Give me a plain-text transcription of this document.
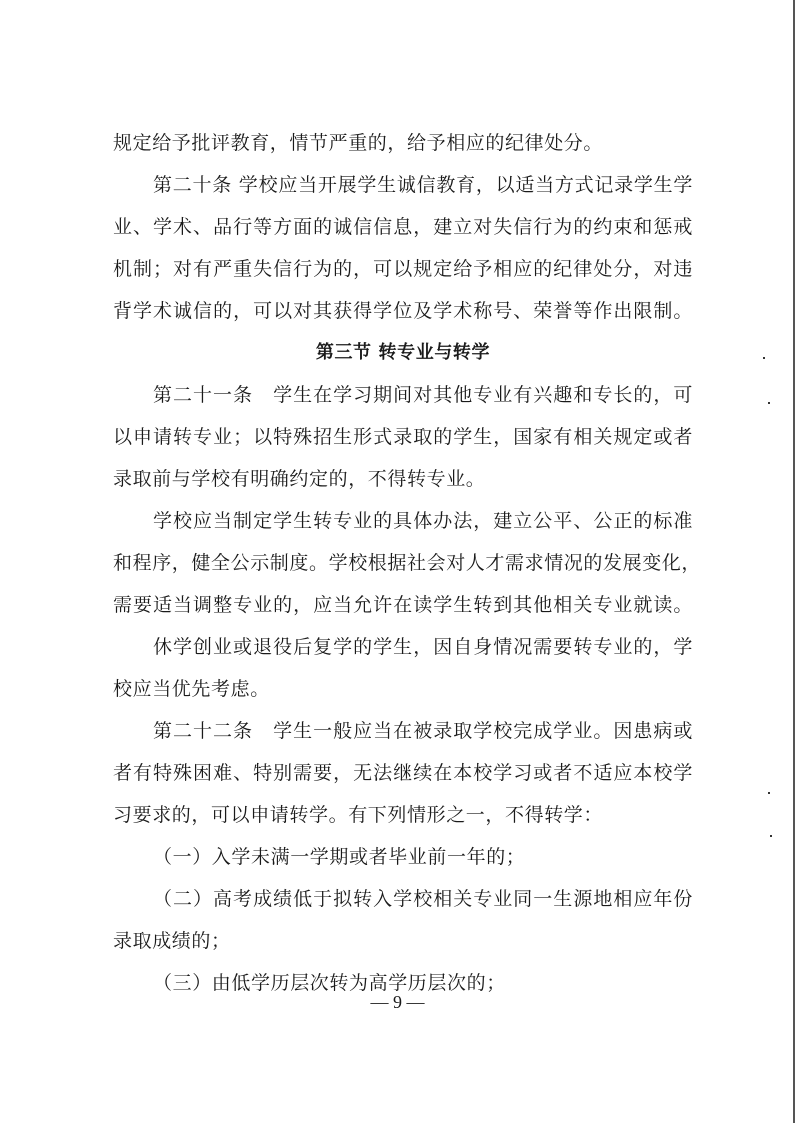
规定给予批评教育，情节严重的，给予相应的纪律处分。
第二十条 学校应当开展学生诚信教育，以适当方式记录学生学
业、学术、品行等方面的诚信信息，建立对失信行为的约束和惩戒
机制；对有严重失信行为的，可以规定给予相应的纪律处分，对违
背学术诚信的，可以对其获得学位及学术称号、荣誉等作出限制。
第三节 转专业与转学
第二十一条　学生在学习期间对其他专业有兴趣和专长的，可
以申请转专业；以特殊招生形式录取的学生，国家有相关规定或者
录取前与学校有明确约定的，不得转专业。
学校应当制定学生转专业的具体办法，建立公平、公正的标准
和程序，健全公示制度。学校根据社会对人才需求情况的发展变化，
需要适当调整专业的，应当允许在读学生转到其他相关专业就读。
休学创业或退役后复学的学生，因自身情况需要转专业的，学
校应当优先考虑。
第二十二条　学生一般应当在被录取学校完成学业。因患病或
者有特殊困难、特别需要，无法继续在本校学习或者不适应本校学
习要求的，可以申请转学。有下列情形之一，不得转学：
（一）入学未满一学期或者毕业前一年的；
（二）高考成绩低于拟转入学校相关专业同一生源地相应年份
录取成绩的；
（三）由低学历层次转为高学历层次的；
— 9 —
